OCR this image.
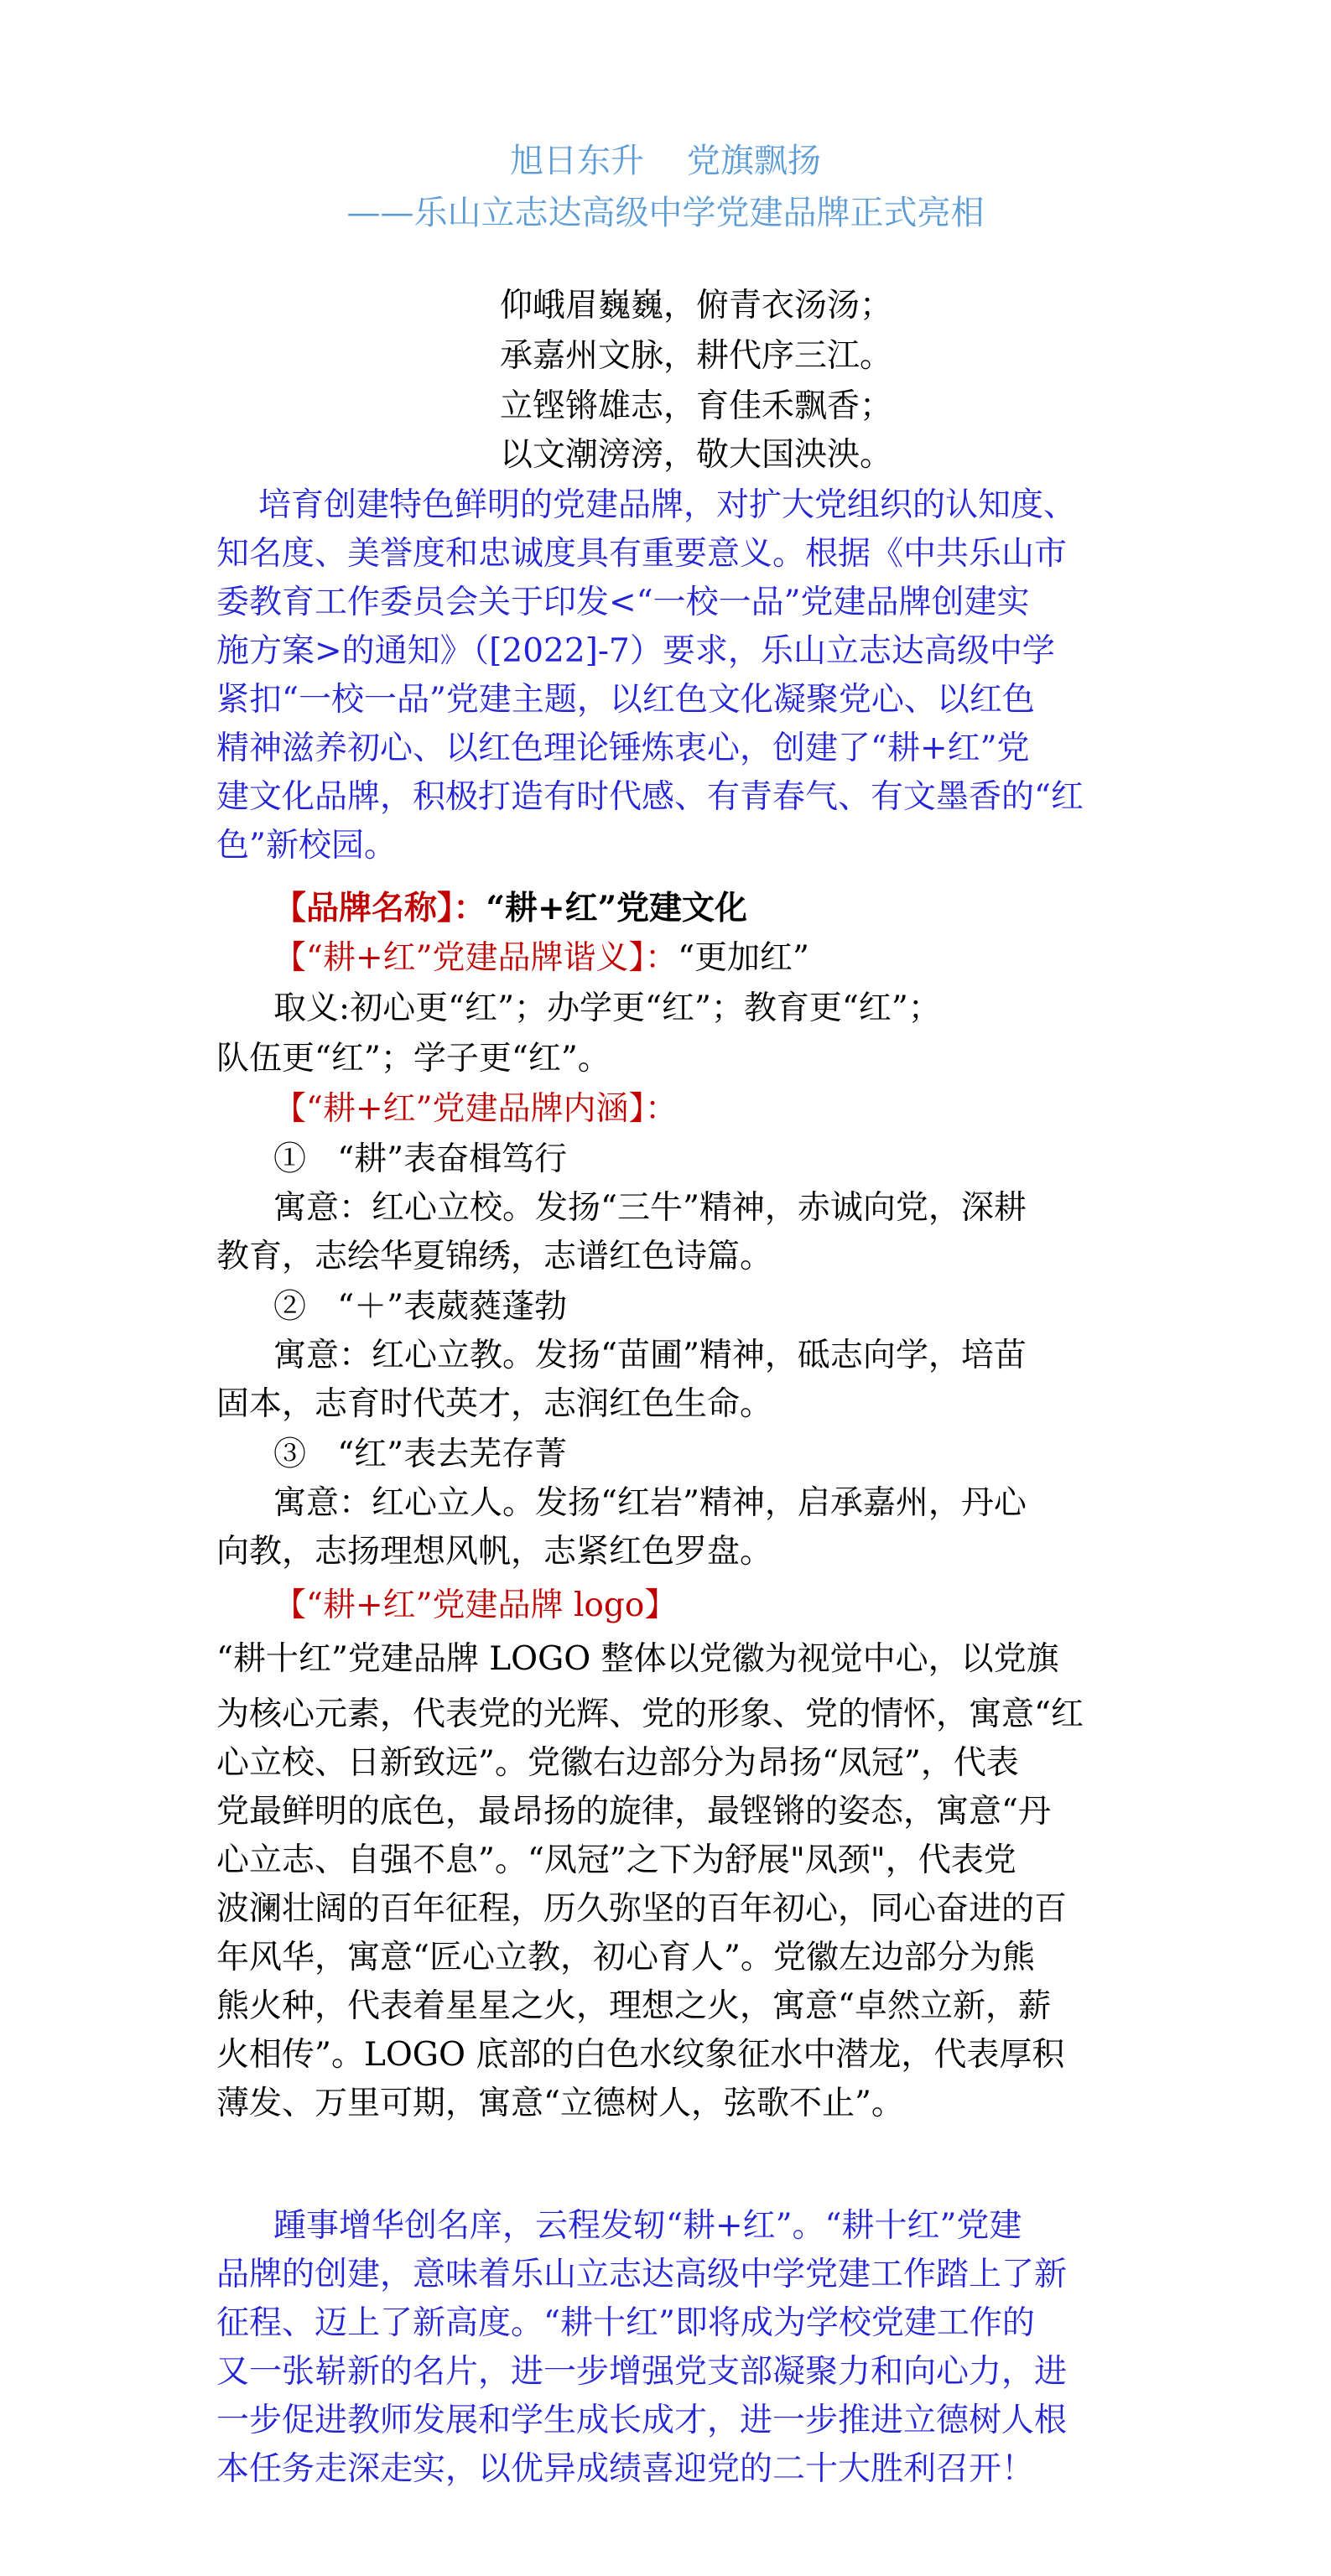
旭日东升    党旗飘扬
——乐山立志达高级中学党建品牌正式亮相
仰峨眉巍巍，俯青衣汤汤；
承嘉州文脉，耕代序三江。
立铿锵雄志，育佳禾飘香；
以文潮滂滂，敬大国泱泱。
培育创建特色鲜明的党建品牌，对扩大党组织的认知度、
知名度、美誉度和忠诚度具有重要意义。根据《中共乐山市
委教育工作委员会关于印发<“一校一品”党建品牌创建实
施方案>的通知》（[2022]-7）要求，乐山立志达高级中学
紧扣“一校一品”党建主题，以红色文化凝聚党心、以红色
精神滋养初心、以红色理论锤炼衷心，创建了“耕+红”党
建文化品牌，积极打造有时代感、有青春气、有文墨香的“红
色”新校园。
【品牌名称】：“耕+红”党建文化
【“耕+红”党建品牌谐义】：“更加红”
取义:初心更“红”；办学更“红”；教育更“红”；
队伍更“红”；学子更“红”。
【“耕+红”党建品牌内涵】：
① “耕”表奋楫笃行
寓意：红心立校。发扬“三牛”精神，赤诚向党，深耕
教育，志绘华夏锦绣，志谱红色诗篇。
② “＋”表葳蕤蓬勃
寓意：红心立教。发扬“苗圃”精神，砥志向学，培苗
固本，志育时代英才，志润红色生命。
③ “红”表去芜存菁
寓意：红心立人。发扬“红岩”精神，启承嘉州，丹心
向教，志扬理想风帆，志紧红色罗盘。
【“耕+红”党建品牌 logo】
“耕十红”党建品牌 LOGO 整体以党徽为视觉中心，以党旗
为核心元素，代表党的光辉、党的形象、党的情怀，寓意“红
心立校、日新致远”。党徽右边部分为昂扬“凤冠”，代表
党最鲜明的底色，最昂扬的旋律，最铿锵的姿态，寓意“丹
心立志、自强不息”。“凤冠”之下为舒展"凤颈"，代表党
波澜壮阔的百年征程，历久弥坚的百年初心，同心奋进的百
年风华，寓意“匠心立教，初心育人”。党徽左边部分为熊
熊火种，代表着星星之火，理想之火，寓意“卓然立新，薪
火相传”。LOGO 底部的白色水纹象征水中潜龙，代表厚积
薄发、万里可期，寓意“立德树人，弦歌不止”。
踵事增华创名庠，云程发轫“耕+红”。“耕十红”党建
品牌的创建，意味着乐山立志达高级中学党建工作踏上了新
征程、迈上了新高度。“耕十红”即将成为学校党建工作的
又一张崭新的名片，进一步增强党支部凝聚力和向心力，进
一步促进教师发展和学生成长成才，进一步推进立德树人根
本任务走深走实，以优异成绩喜迎党的二十大胜利召开！
